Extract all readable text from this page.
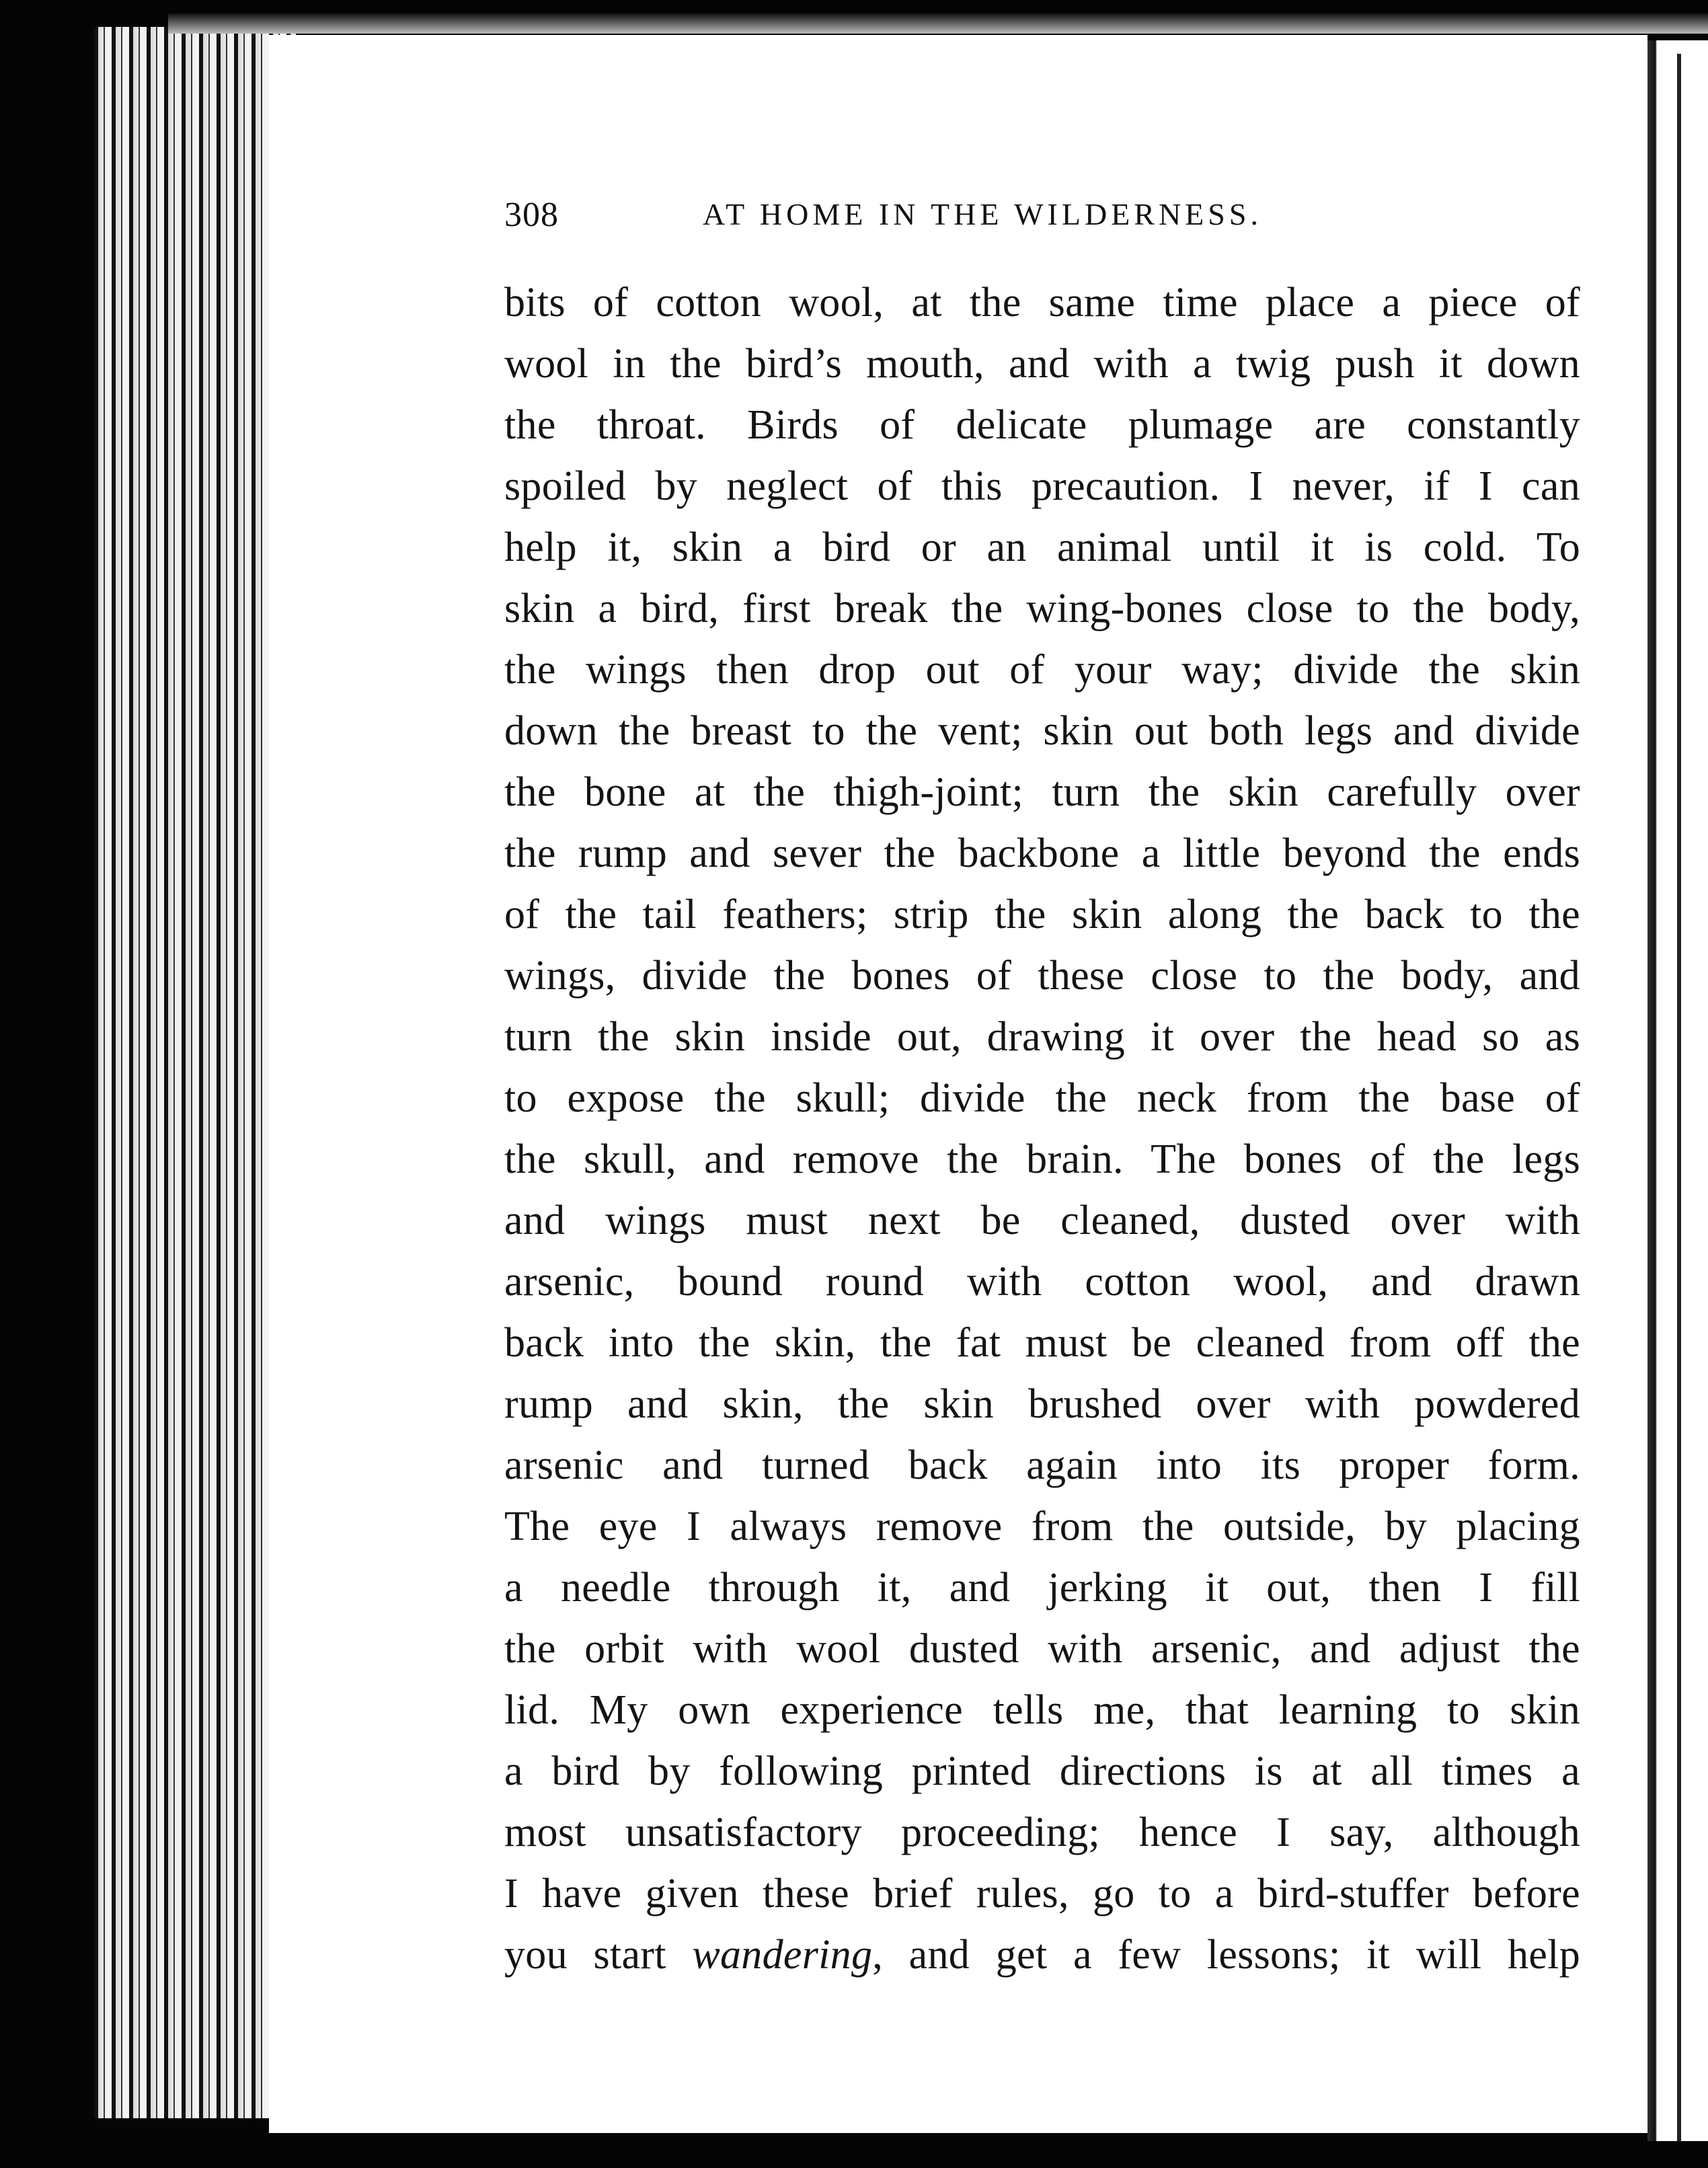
308	AT HOME IN THE WILDERNESS.
bits of cotton wool, at the same time place a piece of
wool in the bird’s mouth, and with a twig push it down
the throat. Birds of delicate plumage are constantly
spoiled by neglect of this precaution. I never, if I can
help it, skin a bird or an animal until it is cold. To
skin a bird, first break the wing-bones close to the body,
the wings then drop out of your way; divide the skin
down the breast to the vent; skin out both legs and divide
the bone at the thigh-joint; turn the skin carefully over
the rump and sever the backbone a little beyond the ends
of the tail feathers; strip the skin along the back to the
wings, divide the bones of these close to the body, and
turn the skin inside out, drawing it over the head so as
to expose the skull; divide the neck from the base of
the skull, and remove the brain. The bones of the legs
and wings must next be cleaned, dusted over with
arsenic, bound round with cotton wool, and drawn
back into the skin, the fat must be cleaned from off the
rump and skin, the skin brushed over with powdered
arsenic and turned back again into its proper form.
The eye I always remove from the outside, by placing
a needle through it, and jerking it out, then I fill
the orbit with wool dusted with arsenic, and adjust the
lid. My own experience tells me, that learning to skin
a bird by following printed directions is at all times a
most unsatisfactory proceeding; hence I say, although
I have given these brief rules, go to a bird-stuffer before
you start wandering, and get a few lessons; it will help
